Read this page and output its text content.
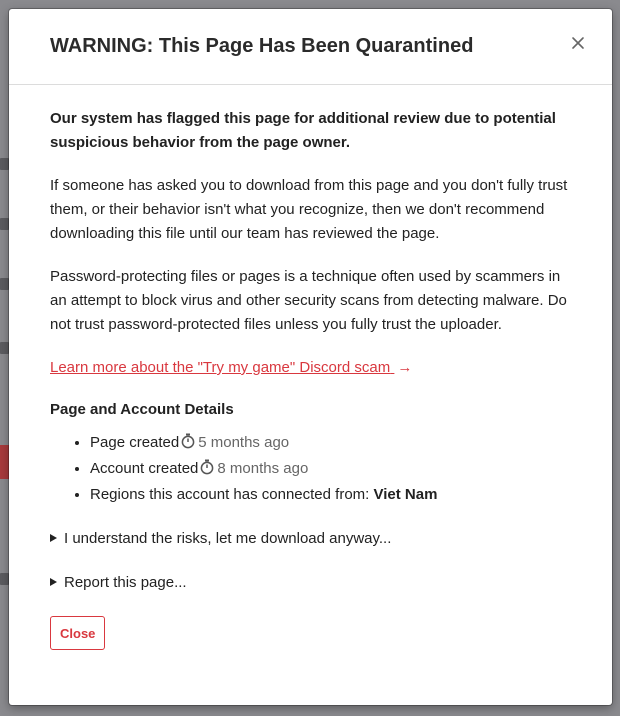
WARNING: This Page Has Been Quarantined

Our system has flagged this page for additional review due to potential suspicious behavior from the page owner.

If someone has asked you to download from this page and you don't fully trust them, or their behavior isn't what you recognize, then we don't recommend downloading this file until our team has reviewed the page.

Password-protecting files or pages is a technique often used by scammers in an attempt to block virus and other security scans from detecting malware. Do not trust password-protected files unless you fully trust the uploader.

Learn more about the "Try my game" Discord scam →

Page and Account Details
• Page created 5 months ago
• Account created 8 months ago
• Regions this account has connected from: Viet Nam
I understand the risks, let me download anyway...
Report this page...
Close
